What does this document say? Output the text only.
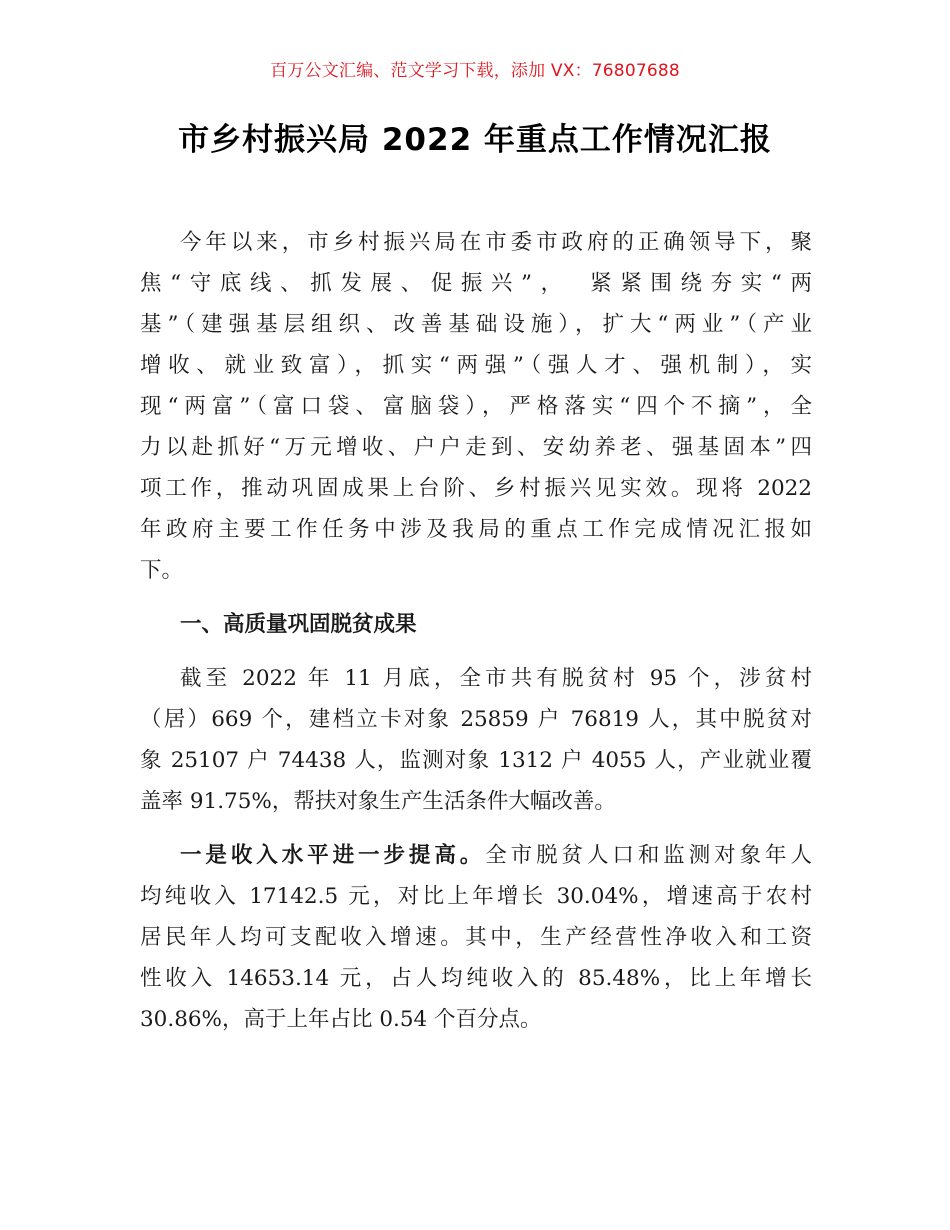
百万公文汇编、范文学习下载，添加 VX：76807688
市乡村振兴局 2022 年重点工作情况汇报
今年以来，市乡村振兴局在市委市政府的正确领导下，聚
焦“守底线、抓发展、促振兴”，　紧紧围绕夯实“两
基”（建强基层组织、改善基础设施），扩大“两业”（产业
增收、就业致富），抓实“两强”（强人才、强机制），实
现“两富”（富口袋、富脑袋），严格落实“四个不摘”，全
力以赴抓好“万元增收、户户走到、安幼养老、强基固本”四
项工作，推动巩固成果上台阶、乡村振兴见实效。现将 2022
年政府主要工作任务中涉及我局的重点工作完成情况汇报如
下。
一、高质量巩固脱贫成果
截至 2022 年 11 月底，全市共有脱贫村 95 个，涉贫村
（居）669 个，建档立卡对象 25859 户 76819 人，其中脱贫对
象 25107 户 74438 人，监测对象 1312 户 4055 人，产业就业覆
盖率 91.75%，帮扶对象生产生活条件大幅改善。
一是收入水平进一步提高。全市脱贫人口和监测对象年人
均纯收入 17142.5 元，对比上年增长 30.04%，增速高于农村
居民年人均可支配收入增速。其中，生产经营性净收入和工资
性收入 14653.14 元，占人均纯收入的 85.48%，比上年增长
30.86%，高于上年占比 0.54 个百分点。
